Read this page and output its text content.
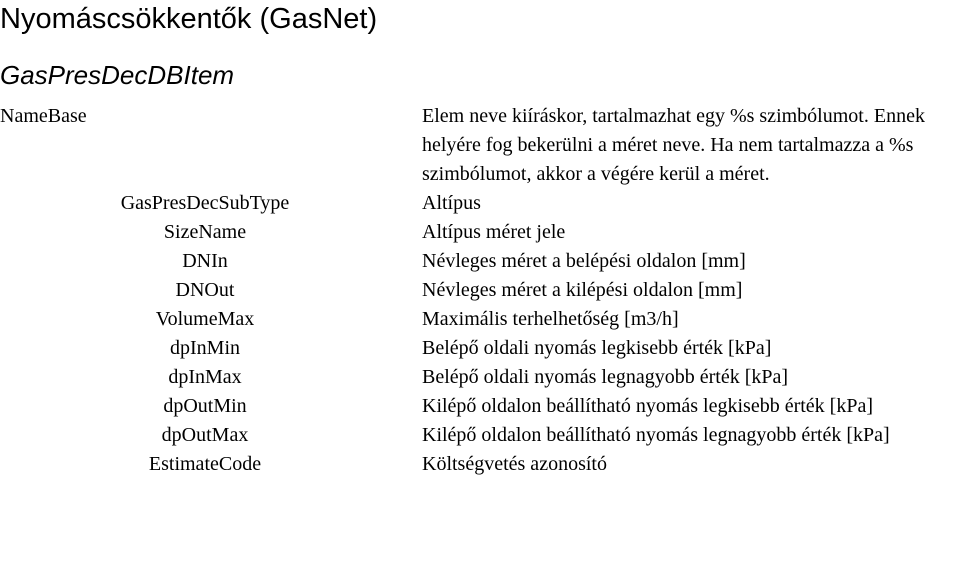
Nyomáscsökkentők (GasNet)
GasPresDecDBItem
NameBase	Elem neve kiíráskor, tartalmazhat egy %s szimbólumot. Ennek helyére fog bekerülni a méret neve. Ha nem tartalmazza a %s szimbólumot, akkor a végére kerül a méret.
GasPresDecSubType	Altípus
SizeName	Altípus méret jele
DNIn	Névleges méret a belépési oldalon [mm]
DNOut	Névleges méret a kilépési oldalon [mm]
VolumeMax	Maximális terhelhetőség [m3/h]
dpInMin	Belépő oldali nyomás legkisebb érték [kPa]
dpInMax	Belépő oldali nyomás legnagyobb érték [kPa]
dpOutMin	Kilépő oldalon beállítható nyomás legkisebb érték [kPa]
dpOutMax	Kilépő oldalon beállítható nyomás legnagyobb érték [kPa]
EstimateCode	Költségvetés azonosító
